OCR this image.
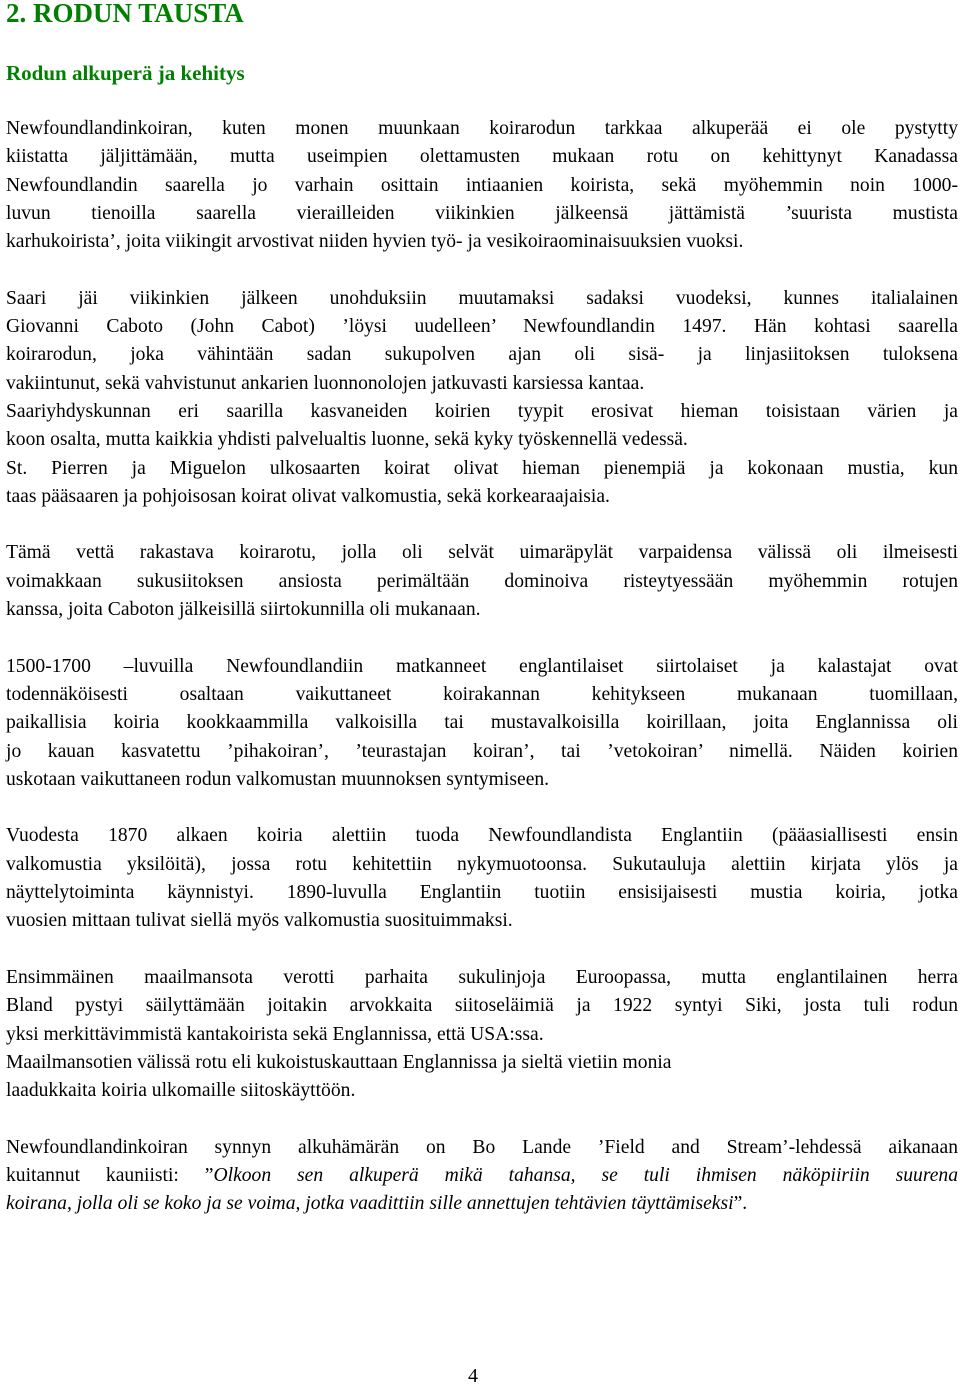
2. RODUN TAUSTA
Rodun alkuperä ja kehitys

Newfoundlandinkoiran, kuten monen muunkaan koirarodun tarkkaa alkuperää ei ole pystytty
kiistatta jäljittämään, mutta useimpien olettamusten mukaan rotu on kehittynyt Kanadassa
Newfoundlandin saarella jo varhain osittain intiaanien koirista, sekä myöhemmin noin 1000-
luvun tienoilla saarella vierailleiden viikinkien jälkeensä jättämistä ’suurista mustista
karhukoirista’, joita viikingit arvostivat niiden hyvien työ- ja vesikoiraominaisuuksien vuoksi.

Saari jäi viikinkien jälkeen unohduksiin muutamaksi sadaksi vuodeksi, kunnes italialainen
Giovanni Caboto (John Cabot) ’löysi uudelleen’ Newfoundlandin 1497. Hän kohtasi saarella
koirarodun, joka vähintään sadan sukupolven ajan oli sisä- ja linjasiitoksen tuloksena
vakiintunut, sekä vahvistunut ankarien luonnonolojen jatkuvasti karsiessa kantaa.
Saariyhdyskunnan eri saarilla kasvaneiden koirien tyypit erosivat hieman toisistaan värien ja
koon osalta, mutta kaikkia yhdisti palvelualtis luonne, sekä kyky työskennellä vedessä.
St. Pierren ja Miguelon ulkosaarten koirat olivat hieman pienempiä ja kokonaan mustia, kun
taas pääsaaren ja pohjoisosan koirat olivat valkomustia, sekä korkearaajaisia.

Tämä vettä rakastava koirarotu, jolla oli selvät uimaräpylät varpaidensa välissä oli ilmeisesti
voimakkaan sukusiitoksen ansiosta perimältään dominoiva risteytyessään myöhemmin rotujen
kanssa, joita Caboton jälkeisillä siirtokunnilla oli mukanaan.

1500-1700 –luvuilla Newfoundlandiin matkanneet englantilaiset siirtolaiset ja kalastajat ovat
todennäköisesti osaltaan vaikuttaneet koirakannan kehitykseen mukanaan tuomillaan,
paikallisia koiria kookkaammilla valkoisilla tai mustavalkoisilla koirillaan, joita Englannissa oli
jo kauan kasvatettu ’pihakoiran’, ’teurastajan koiran’, tai ’vetokoiran’ nimellä. Näiden koirien
uskotaan vaikuttaneen rodun valkomustan muunnoksen syntymiseen.

Vuodesta 1870 alkaen koiria alettiin tuoda Newfoundlandista Englantiin (pääasiallisesti ensin
valkomustia yksilöitä), jossa rotu kehitettiin nykymuotoonsa. Sukutauluja alettiin kirjata ylös ja
näyttelytoiminta käynnistyi. 1890-luvulla Englantiin tuotiin ensisijaisesti mustia koiria, jotka
vuosien mittaan tulivat siellä myös valkomustia suosituimmaksi.

Ensimmäinen maailmansota verotti parhaita sukulinjoja Euroopassa, mutta englantilainen herra
Bland pystyi säilyttämään joitakin arvokkaita siitoseläimiä ja 1922 syntyi Siki, josta tuli rodun
yksi merkittävimmistä kantakoirista sekä Englannissa, että USA:ssa.
Maailmansotien välissä rotu eli kukoistuskauttaan Englannissa ja sieltä vietiin monia
laadukkaita koiria ulkomaille siitoskäyttöön.

Newfoundlandinkoiran synnyn alkuhämärän on Bo Lande ’Field and Stream’-lehdessä aikanaan
kuitannut kauniisti: ”Olkoon sen alkuperä mikä tahansa, se tuli ihmisen näköpiiriin suurena
koirana, jolla oli se koko ja se voima, jotka vaadittiin sille annettujen tehtävien täyttämiseksi”.

4
